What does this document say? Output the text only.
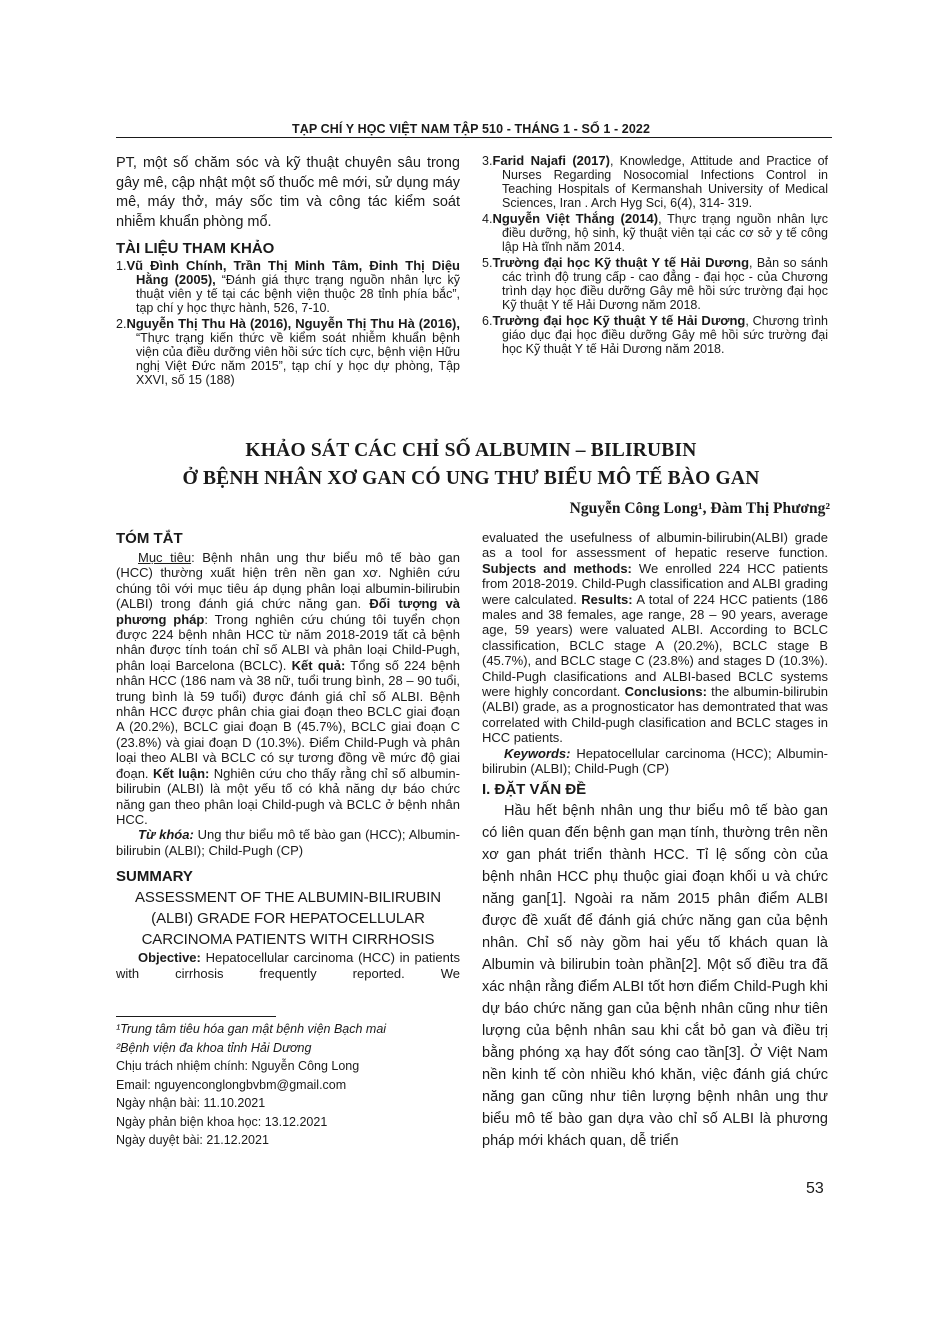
TẠP CHÍ Y HỌC VIỆT NAM TẬP 510 - THÁNG 1 - SỐ 1 - 2022

PT, một số chăm sóc và kỹ thuật chuyên sâu trong gây mê, cập nhật một số thuốc mê mới, sử dụng máy mê, máy thở, máy sốc tim và công tác kiểm soát nhiễm khuẩn phòng mổ.

TÀI LIỆU THAM KHẢO

1.Vũ Đình Chính, Trần Thị Minh Tâm, Đinh Thị Diệu Hằng (2005), “Đánh giá thực trạng nguồn nhân lực kỹ thuật viên y tế tại các bệnh viện thuộc 28 tỉnh phía bắc”, tạp chí y học thực hành, 526, 7-10.

2.Nguyễn Thị Thu Hà (2016), Nguyễn Thị Thu Hà (2016), “Thực trạng kiến thức về kiểm soát nhiễm khuẩn bệnh viện của điều dưỡng viên hồi sức tích cực, bệnh viện Hữu nghị Việt Đức năm 2015”, tạp chí y học dự phòng, Tập XXVI, số 15 (188)

3.Farid Najafi (2017), Knowledge, Attitude and Practice of Nurses Regarding Nosocomial Infections Control in Teaching Hospitals of Kermanshah University of Medical Sciences, Iran . Arch Hyg Sci, 6(4), 314- 319.

4.Nguyễn Việt Thắng (2014), Thực trạng nguồn nhân lực điều dưỡng, hộ sinh, kỹ thuật viên tại các cơ sở y tế công lập Hà tĩnh năm 2014.

5.Trường đại học Kỹ thuật Y tế Hải Dương, Bản so sánh các trình độ trung cấp - cao đẳng - đại học - của Chương trình dạy học điều dưỡng Gây mê hồi sức trường đại học Kỹ thuật Y tế Hải Dương năm 2018.

6.Trường đại học Kỹ thuật Y tế Hải Dương, Chương trình giáo dục đại học điều dưỡng Gây mê hồi sức trường đại học Kỹ thuật Y tế Hải Dương năm 2018.

KHẢO SÁT CÁC CHỈ SỐ ALBUMIN – BILIRUBIN
Ở BỆNH NHÂN XƠ GAN CÓ UNG THƯ BIỂU MÔ TẾ BÀO GAN
Nguyễn Công Long¹, Đàm Thị Phương²

TÓM TẮT

Mục tiêu: Bệnh nhân ung thư biểu mô tế bào gan (HCC) thường xuất hiện trên nền gan xơ. Nghiên cứu chúng tôi với mục tiêu áp dụng phân loại albumin-bilirubin (ALBI) trong đánh giá chức năng gan. Đối tượng và phương pháp: Trong nghiên cứu chúng tôi tuyển chọn được 224 bệnh nhân HCC từ năm 2018-2019 tất cả bệnh nhân được tính toán chỉ số ALBI và phân loại Child-Pugh, phân loại Barcelona (BCLC). Kết quả: Tổng số 224 bệnh nhân HCC (186 nam và 38 nữ, tuổi trung bình, 28 – 90 tuổi, trung bình là 59 tuổi) được đánh giá chỉ số ALBI. Bệnh nhân HCC được phân chia giai đoạn theo BCLC giai đoạn A (20.2%), BCLC giai đoạn B (45.7%), BCLC giai đoạn C (23.8%) và giai đoạn D (10.3%). Điểm Child-Pugh và phân loại theo ALBI và BCLC có sự tương đồng về mức độ giai đoạn. Kết luận: Nghiên cứu cho thấy rằng chỉ số albumin-bilirubin (ALBI) là một yếu tố có khả năng dự báo chức năng gan theo phân loại Child-pugh và BCLC ở bệnh nhân HCC.

Từ khóa: Ung thư biểu mô tế bào gan (HCC); Albumin-bilirubin (ALBI); Child-Pugh (CP)

SUMMARY

ASSESSMENT OF THE ALBUMIN-BILIRUBIN (ALBI) GRADE FOR HEPATOCELLULAR CARCINOMA PATIENTS WITH CIRRHOSIS

Objective: Hepatocellular carcinoma (HCC) in patients with cirrhosis frequently reported. We

evaluated the usefulness of albumin-bilirubin(ALBI) grade as a tool for assessment of hepatic reserve function. Subjects and methods: We enrolled 224 HCC patients from 2018-2019. Child-Pugh classification and ALBI grading were calculated. Results: A total of 224 HCC patients (186 males and 38 females, age range, 28 – 90 years, average age, 59 years) were valuated ALBI. According to BCLC classification, BCLC stage A (20.2%), BCLC stage B (45.7%), and BCLC stage C (23.8%) and stages D (10.3%). Child-Pugh clasifications and ALBI-based BCLC systems were highly concordant. Conclusions: the albumin-bilirubin (ALBI) grade, as a prognosticator has demontrated that was correlated with Child-pugh clasification and BCLC stages in HCC patients.

Keywords: Hepatocellular carcinoma (HCC); Albumin-bilirubin (ALBI); Child-Pugh (CP)

I. ĐẶT VẤN ĐỀ

Hầu hết bệnh nhân ung thư biểu mô tế bào gan có liên quan đến bệnh gan mạn tính, thường trên nền xơ gan phát triển thành HCC. Tỉ lệ sống còn của bệnh nhân HCC phụ thuộc giai đoạn khối u và chức năng gan[1]. Ngoài ra năm 2015 phân điểm ALBI được đề xuất để đánh giá chức năng gan của bệnh nhân. Chỉ số này gồm hai yếu tố khách quan là Albumin và bilirubin toàn phần[2]. Một số điều tra đã xác nhận rằng điểm ALBI tốt hơn điểm Child-Pugh khi dự báo chức năng gan của bệnh nhân cũng như tiên lượng của bệnh nhân sau khi cắt bỏ gan và điều trị bằng phóng xạ hay đốt sóng cao tần[3]. Ở Việt Nam nền kinh tế còn nhiều khó khăn, việc đánh giá chức năng gan cũng như tiên lượng bệnh nhân ung thư biểu mô tế bào gan dựa vào chỉ số ALBI là phương pháp mới khách quan, dễ triển

¹Trung tâm tiêu hóa gan mật bệnh viện Bạch mai

²Bệnh viện đa khoa tỉnh Hải Dương

Chịu trách nhiệm chính: Nguyễn Công Long

Email: nguyenconglongbvbm@gmail.com

Ngày nhận bài: 11.10.2021

Ngày phản biện khoa học: 13.12.2021

Ngày duyệt bài: 21.12.2021

53
